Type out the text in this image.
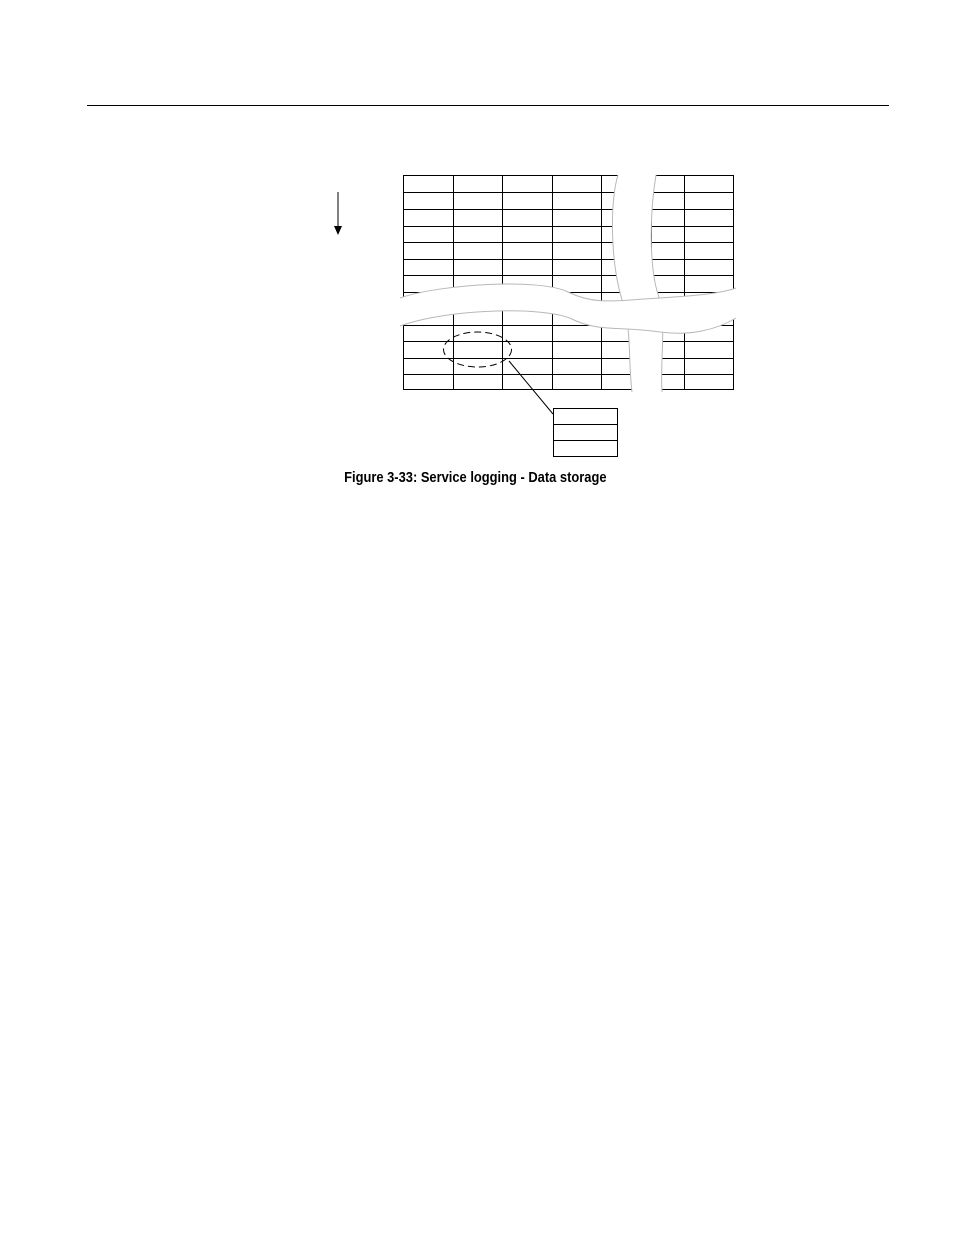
Figure 3-33: Service logging - Data storage
